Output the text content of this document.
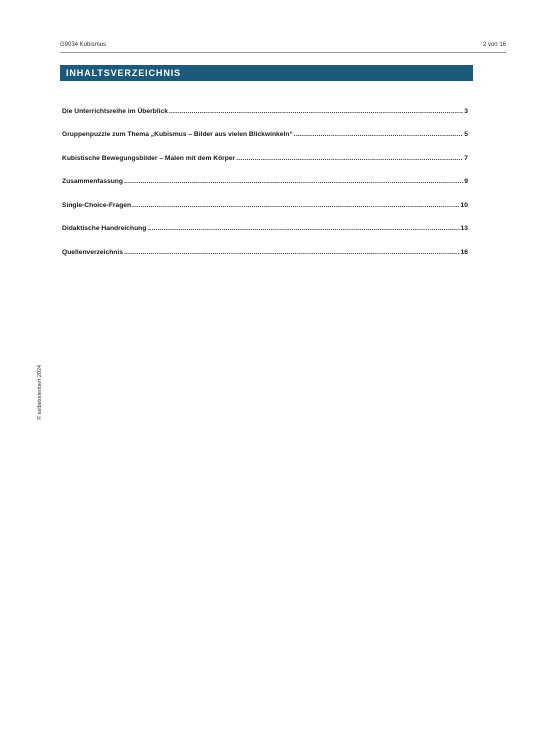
G9034 Kubismus	2 von 16
INHALTSVERZEICHNIS
Die Unterrichtsreihe im Überblick .....	3
Gruppenpuzzle zum Thema „Kubismus – Bilder aus vielen Blickwinkeln“ .....	5
Kubistische Bewegungsbilder – Malen mit dem Körper .....	7
Zusammenfassung .....	9
Single-Choice-Fragen .....	10
Didaktische Handreichung .....	13
Quellenverzeichnis .....	16
© selbstorientiert 2024
